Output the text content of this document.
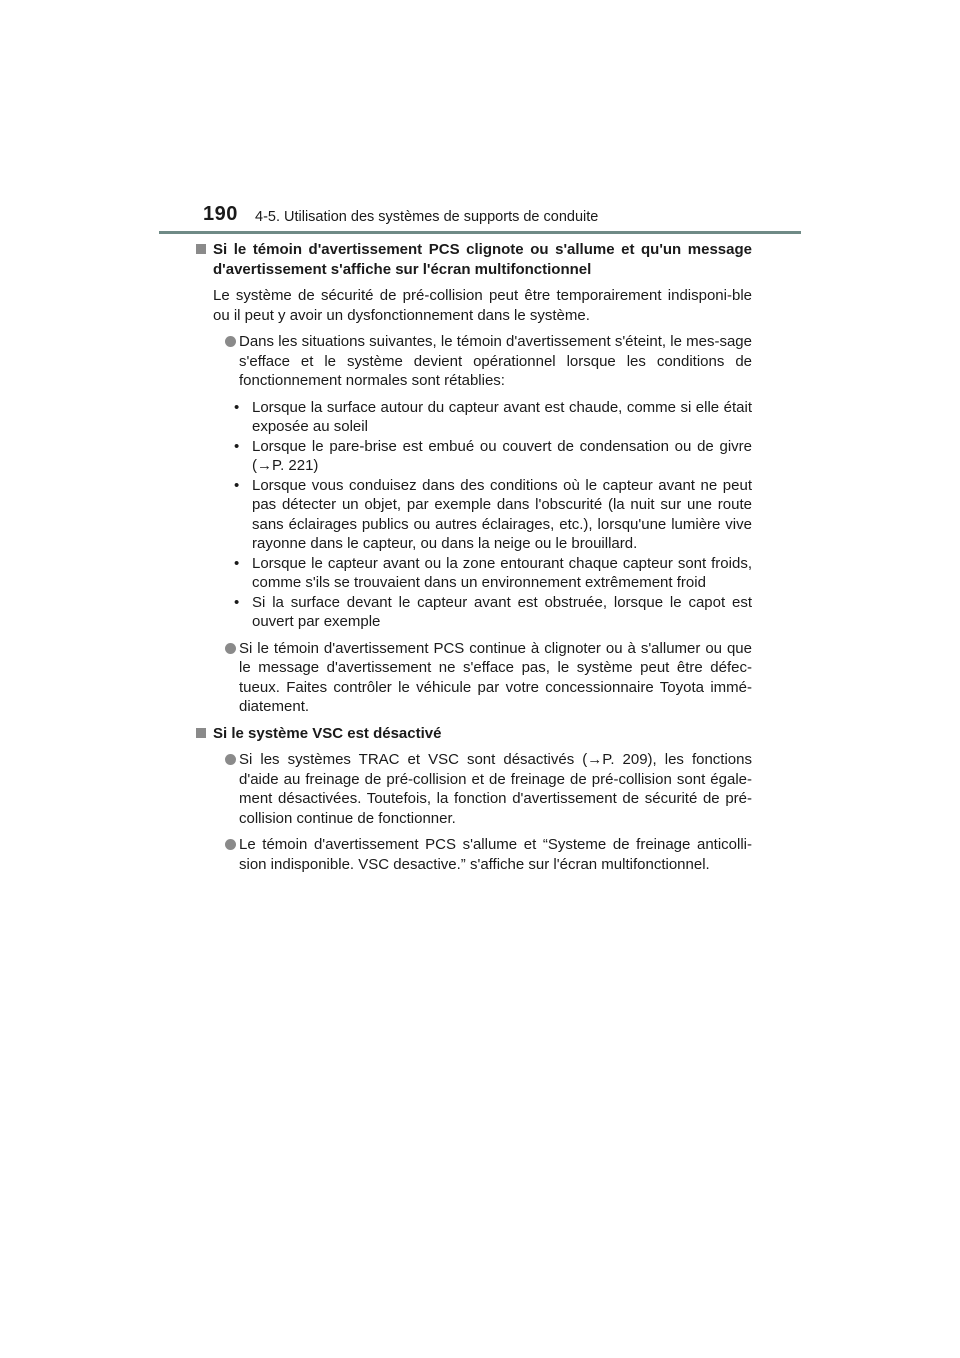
190 4-5. Utilisation des systèmes de supports de conduite
Si le témoin d'avertissement PCS clignote ou s'allume et qu'un message d'avertissement s'affiche sur l'écran multifonctionnel
Le système de sécurité de pré-collision peut être temporairement indisponi-ble ou il peut y avoir un dysfonctionnement dans le système.
Dans les situations suivantes, le témoin d'avertissement s'éteint, le mes-sage s'efface et le système devient opérationnel lorsque les conditions de fonctionnement normales sont rétablies:
• Lorsque la surface autour du capteur avant est chaude, comme si elle était exposée au soleil
• Lorsque le pare-brise est embué ou couvert de condensation ou de givre (→P. 221)
• Lorsque vous conduisez dans des conditions où le capteur avant ne peut pas détecter un objet, par exemple dans l'obscurité (la nuit sur une route sans éclairages publics ou autres éclairages, etc.), lorsqu'une lumière vive rayonne dans le capteur, ou dans la neige ou le brouillard.
• Lorsque le capteur avant ou la zone entourant chaque capteur sont froids, comme s'ils se trouvaient dans un environnement extrêmement froid
• Si la surface devant le capteur avant est obstruée, lorsque le capot est ouvert par exemple
Si le témoin d'avertissement PCS continue à clignoter ou à s'allumer ou que le message d'avertissement ne s'efface pas, le système peut être défec-tueux. Faites contrôler le véhicule par votre concessionnaire Toyota immé-diatement.
Si le système VSC est désactivé
Si les systèmes TRAC et VSC sont désactivés (→P. 209), les fonctions d'aide au freinage de pré-collision et de freinage de pré-collision sont égale-ment désactivées. Toutefois, la fonction d'avertissement de sécurité de pré-collision continue de fonctionner.
Le témoin d'avertissement PCS s'allume et “Systeme de freinage anticolli-sion indisponible. VSC desactive.” s'affiche sur l'écran multifonctionnel.
